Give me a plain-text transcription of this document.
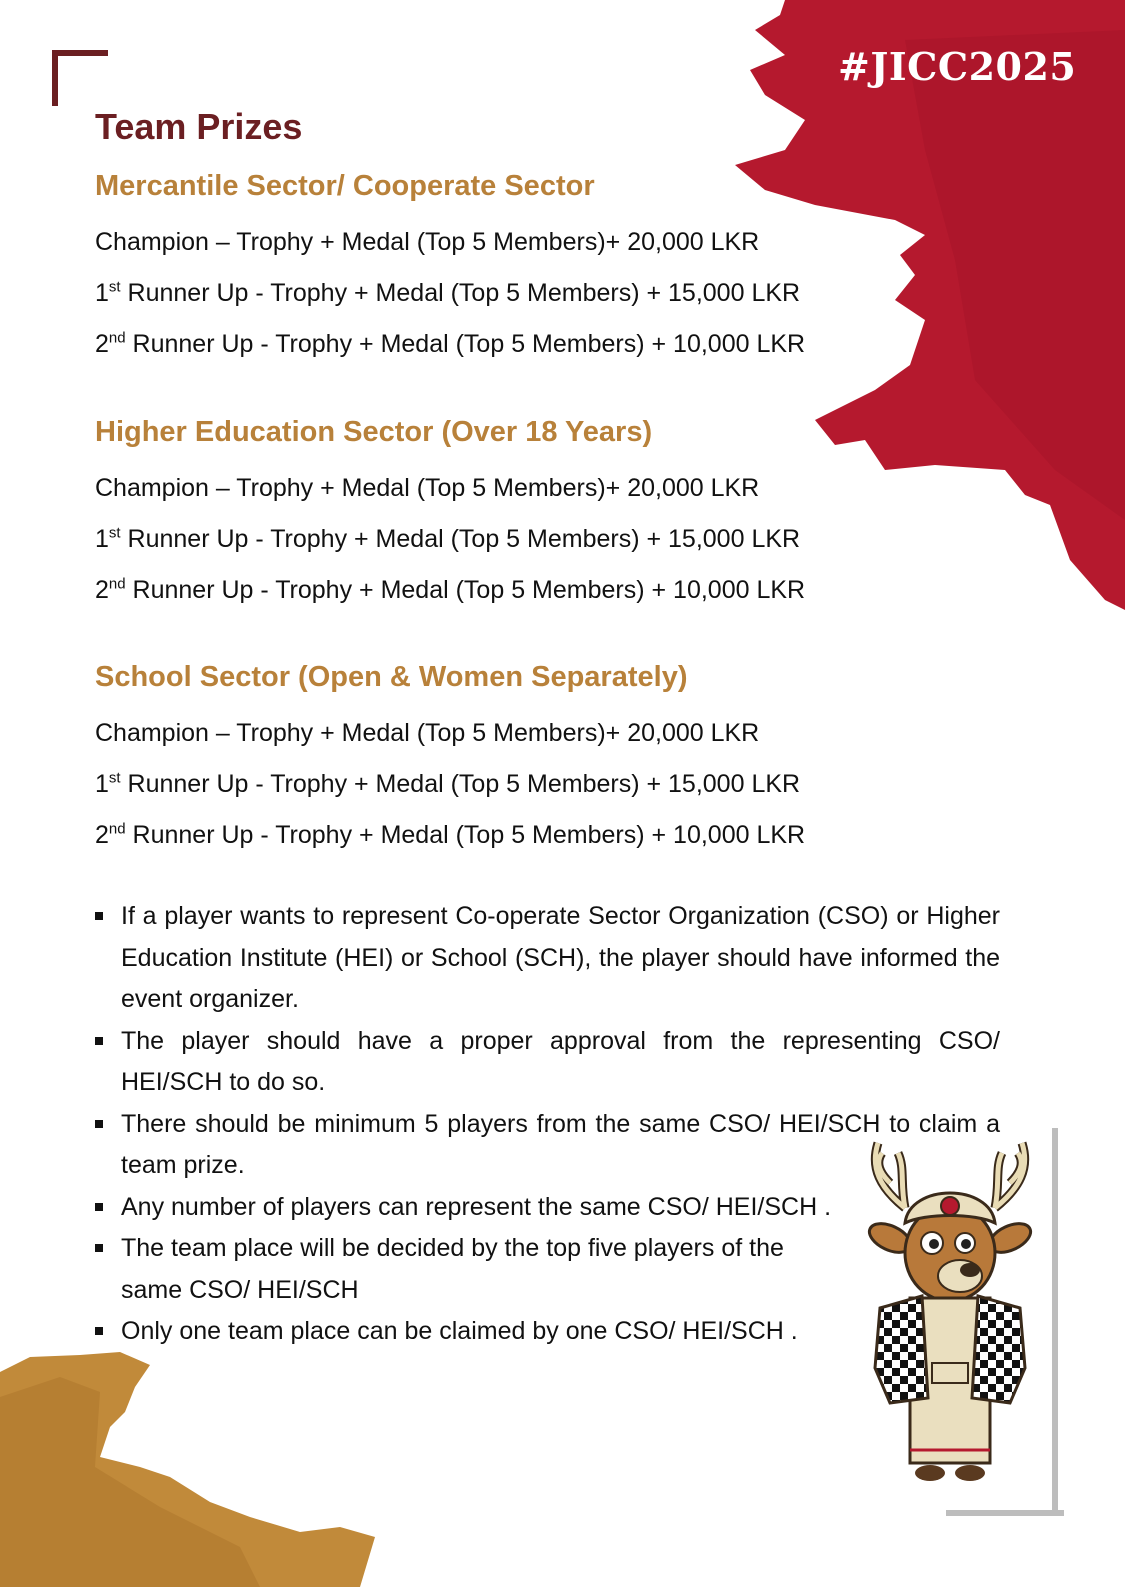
#JICC2025
Team Prizes
Mercantile Sector/ Cooperate Sector

Champion – Trophy + Medal (Top 5 Members)+ 20,000 LKR

1st Runner Up - Trophy + Medal (Top 5 Members) + 15,000 LKR

2nd Runner Up - Trophy + Medal (Top 5 Members) + 10,000 LKR

Higher Education Sector (Over 18 Years)

Champion – Trophy + Medal (Top 5 Members)+ 20,000 LKR

1st Runner Up - Trophy + Medal (Top 5 Members) + 15,000 LKR

2nd Runner Up - Trophy + Medal (Top 5 Members) + 10,000 LKR

School Sector (Open & Women Separately)

Champion – Trophy + Medal (Top 5 Members)+ 20,000 LKR

1st Runner Up - Trophy + Medal (Top 5 Members) + 15,000 LKR

2nd Runner Up - Trophy + Medal (Top 5 Members) + 10,000 LKR

If a player wants to represent Co-operate Sector Organization (CSO) or Higher Education Institute (HEI) or School (SCH), the player should have informed the event organizer.
The player should have a proper approval from the representing CSO/ HEI/SCH to do so.
There should be minimum 5 players from the same CSO/ HEI/SCH to claim a team prize.
Any number of players can represent the same CSO/ HEI/SCH .
The team place will be decided by the top five players of the same CSO/ HEI/SCH
Only one team place can be claimed by one CSO/ HEI/SCH .
